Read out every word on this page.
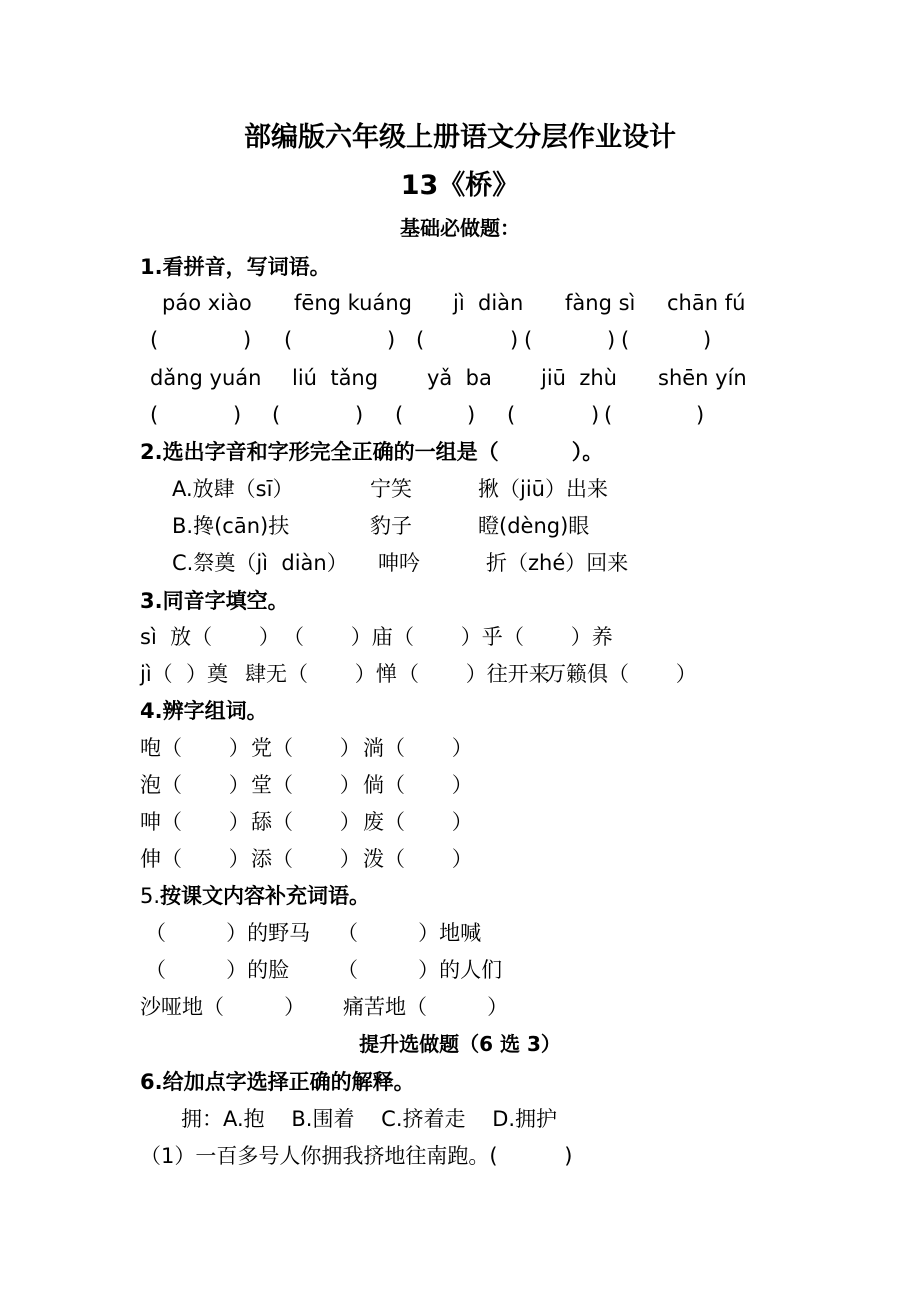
部编版六年级上册语文分层作业设计
13《桥》
基础必做题：
1.看拼音，写词语。
páo xiào fēng kuáng jì  diàn fàng sì chān fú
(	) (	) (	) (	) (	)
dǎng yuán liú  tǎng yǎ  ba jiū  zhù shēn yín
(	) (	) (	) (	) (	)
2.选出字音和字形完全正确的一组是（          ）。
A.放肆（sī）	宁笑	揪（jiū）出来
B.搀(cān)扶	豹子	瞪(dèng)眼
C.祭奠（jì  diàn） 呻吟	折（zhé）回来
3.同音字填空。
sì  放（       ） （       ）庙 （       ）乎 （       ）养
jì（  ）奠 肆无（       ）惮 （       ）往开来
万籁俱（       ）
4.辨字组词。
咆（       ） 党（       ） 淌（       ）
泡（       ） 堂（       ） 倘（       ）
呻（       ） 舔（       ） 废（       ）
伸（       ） 添（       ） 泼（       ）
5.按课文内容补充词语。
（         ）的野马 （         ）地喊
（         ）的脸 （         ）的人们
沙哑地（         ） 痛苦地（         ）
提升选做题（6 选 3）
6.给加点字选择正确的解释。
拥：A.抱    B.围着    C.挤着走    D.拥护
（1）一百多号人你拥我挤地往南跑。(          )
